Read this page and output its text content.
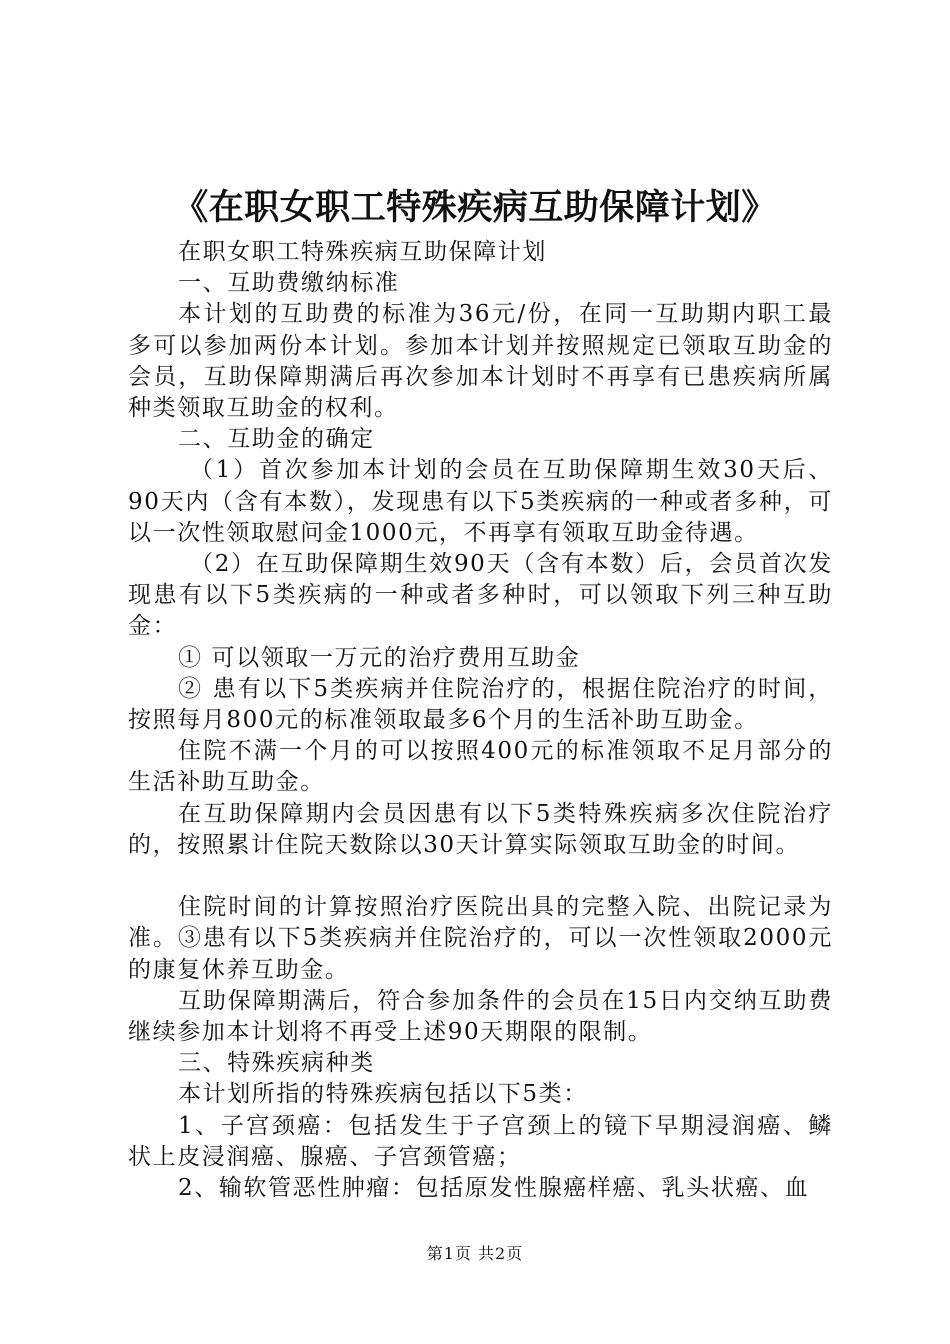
《在职女职工特殊疾病互助保障计划》

在职女职工特殊疾病互助保障计划

一、互助费缴纳标准

本计划的互助费的标准为36元/份，在同一互助期内职工最多可以参加两份本计划。参加本计划并按照规定已领取互助金的会员，互助保障期满后再次参加本计划时不再享有已患疾病所属种类领取互助金的权利。

二、互助金的确定

（1）首次参加本计划的会员在互助保障期生效30天后、90天内（含有本数），发现患有以下5类疾病的一种或者多种，可以一次性领取慰问金1000元，不再享有领取互助金待遇。

（2）在互助保障期生效90天（含有本数）后，会员首次发现患有以下5类疾病的一种或者多种时，可以领取下列三种互助金：

① 可以领取一万元的治疗费用互助金

② 患有以下5类疾病并住院治疗的，根据住院治疗的时间，按照每月800元的标准领取最多6个月的生活补助互助金。

住院不满一个月的可以按照400元的标准领取不足月部分的生活补助互助金。

在互助保障期内会员因患有以下5类特殊疾病多次住院治疗的，按照累计住院天数除以30天计算实际领取互助金的时间。

住院时间的计算按照治疗医院出具的完整入院、出院记录为准。③患有以下5类疾病并住院治疗的，可以一次性领取2000元的康复休养互助金。

互助保障期满后，符合参加条件的会员在15日内交纳互助费继续参加本计划将不再受上述90天期限的限制。

三、特殊疾病种类

本计划所指的特殊疾病包括以下5类：

1、子宫颈癌：包括发生于子宫颈上的镜下早期浸润癌、鳞状上皮浸润癌、腺癌、子宫颈管癌；

2、输软管恶性肿瘤：包括原发性腺癌样癌、乳头状癌、血

第1页 共2页
